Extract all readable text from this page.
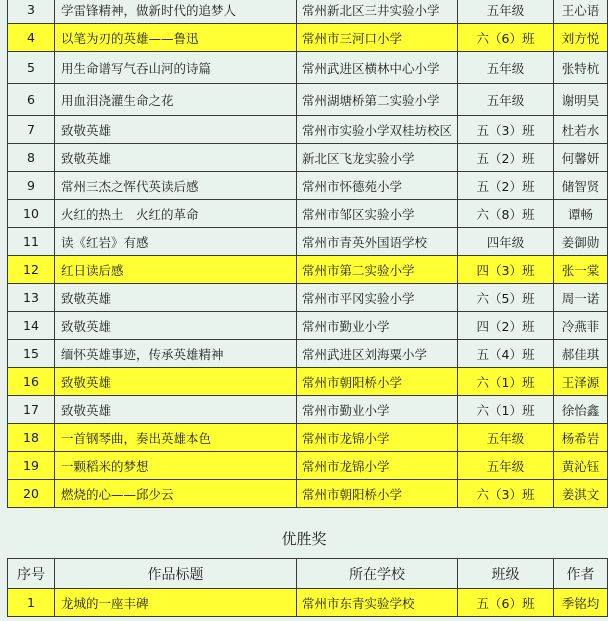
3	学雷锋精神，做新时代的追梦人	常州新北区三井实验小学	五年级	王心语
4	以笔为刃的英雄——鲁迅	常州市三河口小学	六（6）班	刘方悦
5	用生命谱写气吞山河的诗篇	常州武进区横林中心小学	五年级	张特杭
6	用血泪浇灌生命之花	常州湖塘桥第二实验小学	五年级	谢明昊
7	致敬英雄	常州市实验小学双桂坊校区	五（3）班	杜若水
8	致敬英雄	新北区飞龙实验小学	五（2）班	何馨妍
9	常州三杰之恽代英读后感	常州市怀德苑小学	五（2）班	储智贤
10	火红的热土　火红的革命	常州市邹区实验小学	六（8）班	谭畅
11	读《红岩》有感	常州市青英外国语学校	四年级	姜御勋
12	红日读后感	常州市第二实验小学	四（3）班	张一棠
13	致敬英雄	常州市平冈实验小学	六（5）班	周一诺
14	致敬英雄	常州市勤业小学	四（2）班	冷燕菲
15	缅怀英雄事迹，传承英雄精神	常州武进区刘海粟小学	五（4）班	郝佳琪
16	致敬英雄	常州市朝阳桥小学	六（1）班	王泽源
17	致敬英雄	常州市勤业小学	六（1）班	徐怡鑫
18	一首钢琴曲，奏出英雄本色	常州市龙锦小学	五年级	杨希岩
19	一颗稻米的梦想	常州市龙锦小学	五年级	黄沁钰
20	燃烧的心——邱少云	常州市朝阳桥小学	六（3）班	姜淇文
优胜奖
序号	作品标题	所在学校	班级	作者
1	龙城的一座丰碑	常州市东青实验学校	五（6）班	季铭均
